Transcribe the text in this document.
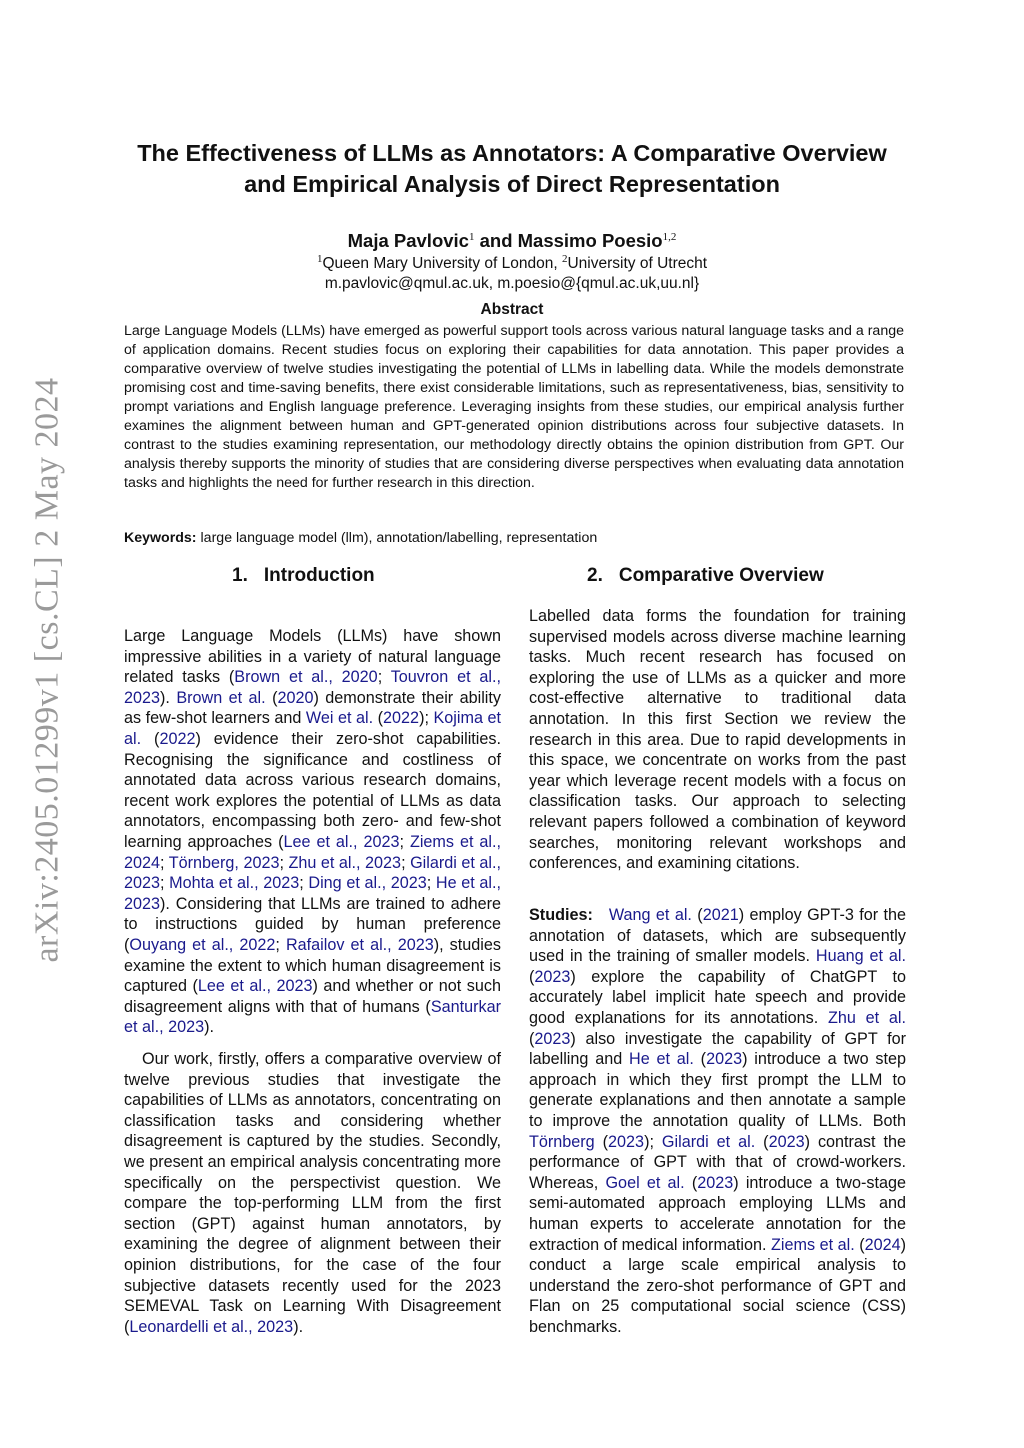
arXiv:2405.01299v1 [cs.CL] 2 May 2024
The Effectiveness of LLMs as Annotators: A Comparative Overview
and Empirical Analysis of Direct Representation
Maja Pavlovic$^1$ and Massimo Poesio$^{1,2}$
$^1$Queen Mary University of London, $^2$University of Utrecht
m.pavlovic@qmul.ac.uk, m.poesio@{qmul.ac.uk,uu.nl}
Abstract

Large Language Models (LLMs) have emerged as powerful support tools across various natural language tasks and a range of application domains. Recent studies focus on exploring their capabilities for data annotation. This paper provides a comparative overview of twelve studies investigating the potential of LLMs in labelling data. While the models demonstrate promising cost and time-saving benefits, there exist considerable limitations, such as representativeness, bias, sensitivity to prompt variations and English language preference. Leveraging insights from these studies, our empirical analysis further examines the alignment between human and GPT-generated opinion distributions across four subjective datasets. In contrast to the studies examining representation, our methodology directly obtains the opinion distribution from GPT. Our analysis thereby supports the minority of studies that are considering diverse perspectives when evaluating data annotation tasks and highlights the need for further research in this direction.

Keywords: large language model (llm), annotation/labelling, representation
1. Introduction	2. Comparative Overview

Large Language Models (LLMs) have shown impressive abilities in a variety of natural language related tasks (Brown et al., 2020; Touvron et al., 2023). Brown et al. (2020) demonstrate their ability as few-shot learners and Wei et al. (2022); Kojima et al. (2022) evidence their zero-shot capabilities. Recognising the significance and costliness of annotated data across various research domains, recent work explores the potential of LLMs as data annotators, encompassing both zero- and few-shot learning approaches (Lee et al., 2023; Ziems et al., 2024; Törnberg, 2023; Zhu et al., 2023; Gilardi et al., 2023; Mohta et al., 2023; Ding et al., 2023; He et al., 2023). Considering that LLMs are trained to adhere to instructions guided by human preference (Ouyang et al., 2022; Rafailov et al., 2023), studies examine the extent to which human disagreement is captured (Lee et al., 2023) and whether or not such disagreement aligns with that of humans (Santurkar et al., 2023).

Our work, firstly, offers a comparative overview of twelve previous studies that investigate the capabilities of LLMs as annotators, concentrating on classification tasks and considering whether disagreement is captured by the studies. Secondly, we present an empirical analysis concentrating more specifically on the perspectivist question. We compare the top-performing LLM from the first section (GPT) against human annotators, by examining the degree of alignment between their opinion distributions, for the case of the four subjective datasets recently used for the 2023 SEMEVAL Task on Learning With Disagreement (Leonardelli et al., 2023).

Labelled data forms the foundation for training supervised models across diverse machine learning tasks. Much recent research has focused on exploring the use of LLMs as a quicker and more cost-effective alternative to traditional data annotation. In this first Section we review the research in this area. Due to rapid developments in this space, we concentrate on works from the past year which leverage recent models with a focus on classification tasks. Our approach to selecting relevant papers followed a combination of keyword searches, monitoring relevant workshops and conferences, and examining citations.

Studies: Wang et al. (2021) employ GPT-3 for the annotation of datasets, which are subsequently used in the training of smaller models. Huang et al. (2023) explore the capability of ChatGPT to accurately label implicit hate speech and provide good explanations for its annotations. Zhu et al. (2023) also investigate the capability of GPT for labelling and He et al. (2023) introduce a two step approach in which they first prompt the LLM to generate explanations and then annotate a sample to improve the annotation quality of LLMs. Both Törnberg (2023); Gilardi et al. (2023) contrast the performance of GPT with that of crowd-workers. Whereas, Goel et al. (2023) introduce a two-stage semi-automated approach employing LLMs and human experts to accelerate annotation for the extraction of medical information. Ziems et al. (2024) conduct a large scale empirical analysis to understand the zero-shot performance of GPT and Flan on 25 computational social science (CSS) benchmarks.
